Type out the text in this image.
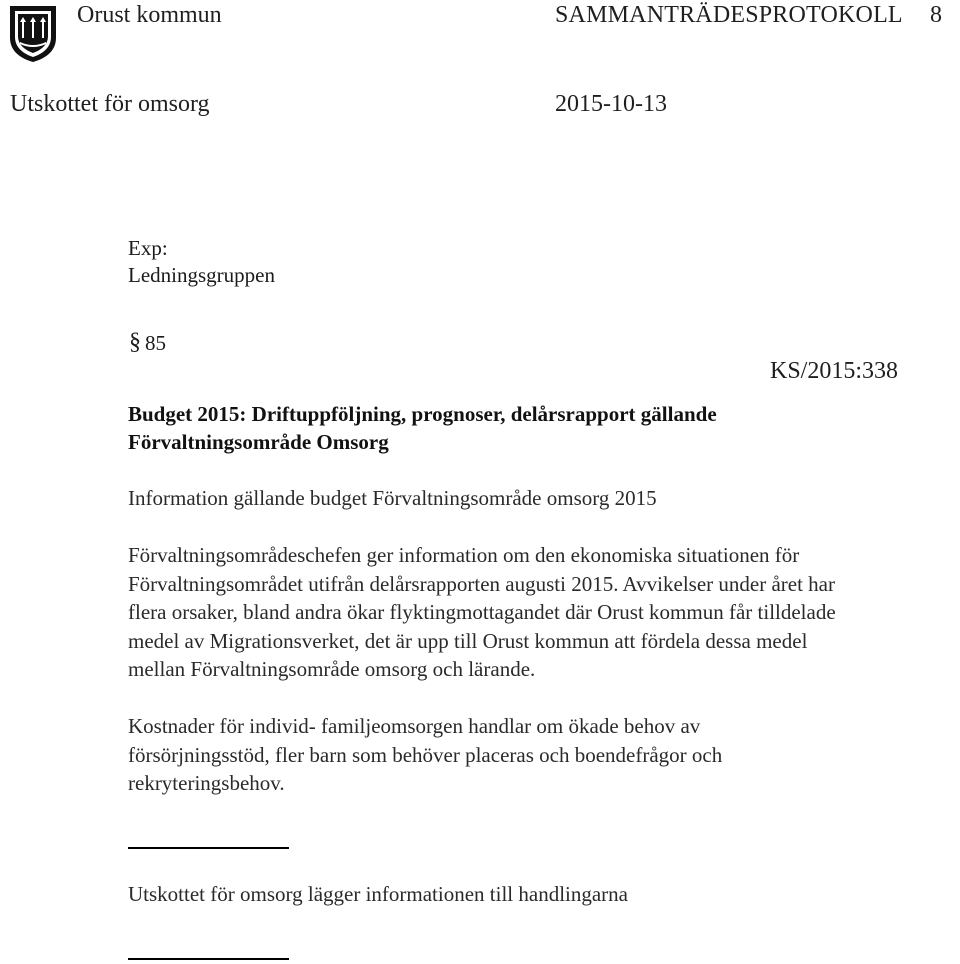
Orust kommun	SAMMANTRÄDESPROTOKOLL 8
Utskottet för omsorg	2015-10-13
Exp:
Ledningsgruppen
§ 85
KS/2015:338
Budget 2015: Driftuppföljning, prognoser, delårsrapport gällande
Förvaltningsområde Omsorg
Information gällande budget Förvaltningsområde omsorg 2015
Förvaltningsområdeschefen ger information om den ekonomiska situationen för
Förvaltningsområdet utifrån delårsrapporten augusti 2015. Avvikelser under året har
flera orsaker, bland andra ökar flyktingmottagandet där Orust kommun får tilldelade
medel av Migrationsverket, det är upp till Orust kommun att fördela dessa medel
mellan Förvaltningsområde omsorg och lärande.
Kostnader för individ- familjeomsorgen handlar om ökade behov av
försörjningsstöd, fler barn som behöver placeras och boendefrågor och
rekryteringsbehov.
Utskottet för omsorg lägger informationen till handlingarna
